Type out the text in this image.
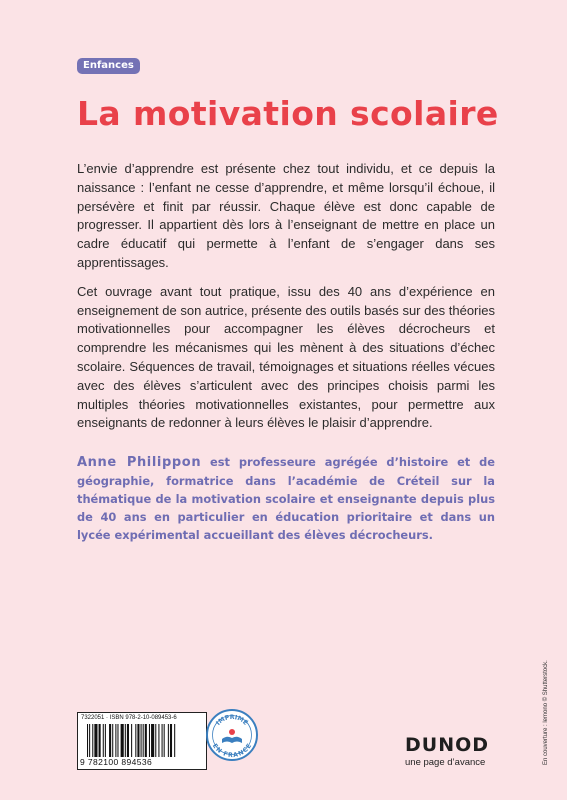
Enfances
La motivation scolaire

L’envie d’apprendre est présente chez tout individu, et ce depuis la naissance : l’enfant ne cesse d’apprendre, et même lorsqu’il échoue, il persévère et finit par réussir. Chaque élève est donc capable de progresser. Il appartient dès lors à l’enseignant de mettre en place un cadre éducatif qui permette à l’enfant de s’engager dans ses apprentissages.

Cet ouvrage avant tout pratique, issu des 40 ans d’expérience en enseignement de son autrice, présente des outils basés sur des théories motivationnelles pour accompagner les élèves décrocheurs et comprendre les mécanismes qui les mènent à des situations d’échec scolaire. Séquences de travail, témoignages et situations réelles vécues avec des élèves s’articulent avec des principes choisis parmi les multiples théories motivationnelles existantes, pour permettre aux enseignants de redonner à leurs élèves le plaisir d’apprendre.

Anne Philippon est professeure agrégée d’histoire et de géographie, formatrice dans l’académie de Créteil sur la thématique de la motivation scolaire et enseignante depuis plus de 40 ans en particulier en éducation prioritaire et dans un lycée expérimental accueillant des élèves décrocheurs.

En couverture : lemono © Shutterstock.
7322051 · ISBN 978-2-10-089453-6
9 782100 894536
IMPRIMÉ
EN FRANCE	DUNOD
une page d’avance
